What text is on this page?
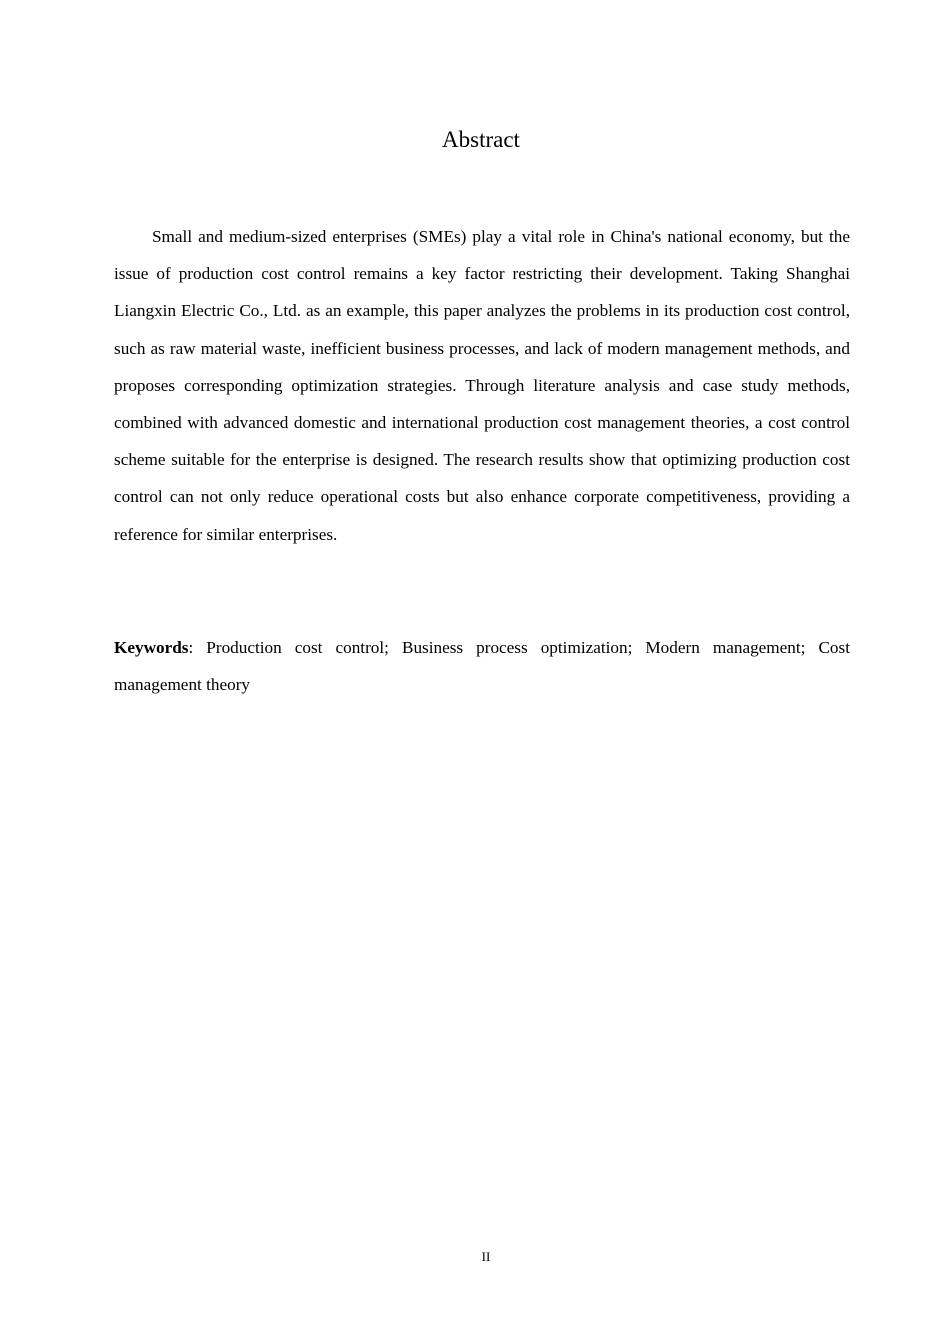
Abstract

Small and medium-sized enterprises (SMEs) play a vital role in China's national economy, but the issue of production cost control remains a key factor restricting their development. Taking Shanghai Liangxin Electric Co., Ltd. as an example, this paper analyzes the problems in its production cost control, such as raw material waste, inefficient business processes, and lack of modern management methods, and proposes corresponding optimization strategies. Through literature analysis and case study methods, combined with advanced domestic and international production cost management theories, a cost control scheme suitable for the enterprise is designed. The research results show that optimizing production cost control can not only reduce operational costs but also enhance corporate competitiveness, providing a reference for similar enterprises.

Keywords: Production cost control; Business process optimization; Modern management; Cost management theory

II
